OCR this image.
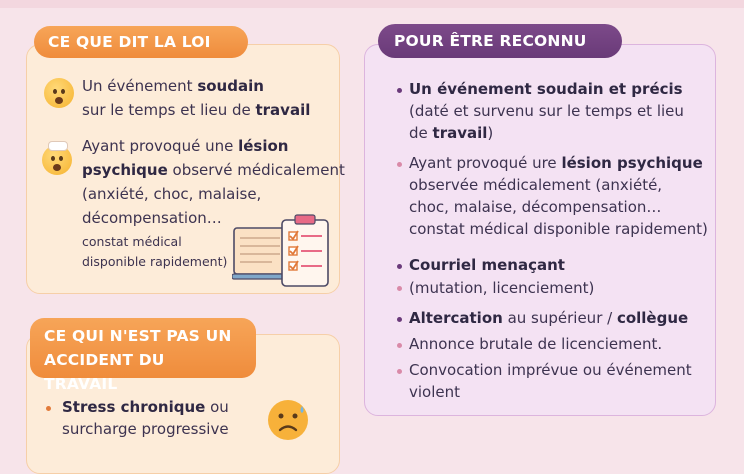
CE QUE DIT LA LOI
Un événement soudain
sur le temps et lieu de travail
Ayant provoqué une lésion
psychique observé médicalement
(anxiété, choc, malaise,
décompensation…
constat médical
disponible rapidement)
CE QUI N'EST PAS UN
ACCIDENT DU TRAVAIL
Stress chronique ou
surcharge progressive
POUR ÊTRE RECONNU
Un événement soudain et précis
(daté et survenu sur le temps et lieu
de travail)
Ayant provoqué ure lésion psychique
observée médicalement (anxiété,
choc, malaise, décompensation…
constat médical disponible rapidement)
Courriel menaçant
(mutation, licenciement)
Altercation au supérieur / collègue
Annonce brutale de licenciement.
Convocation imprévue ou événement
violent
